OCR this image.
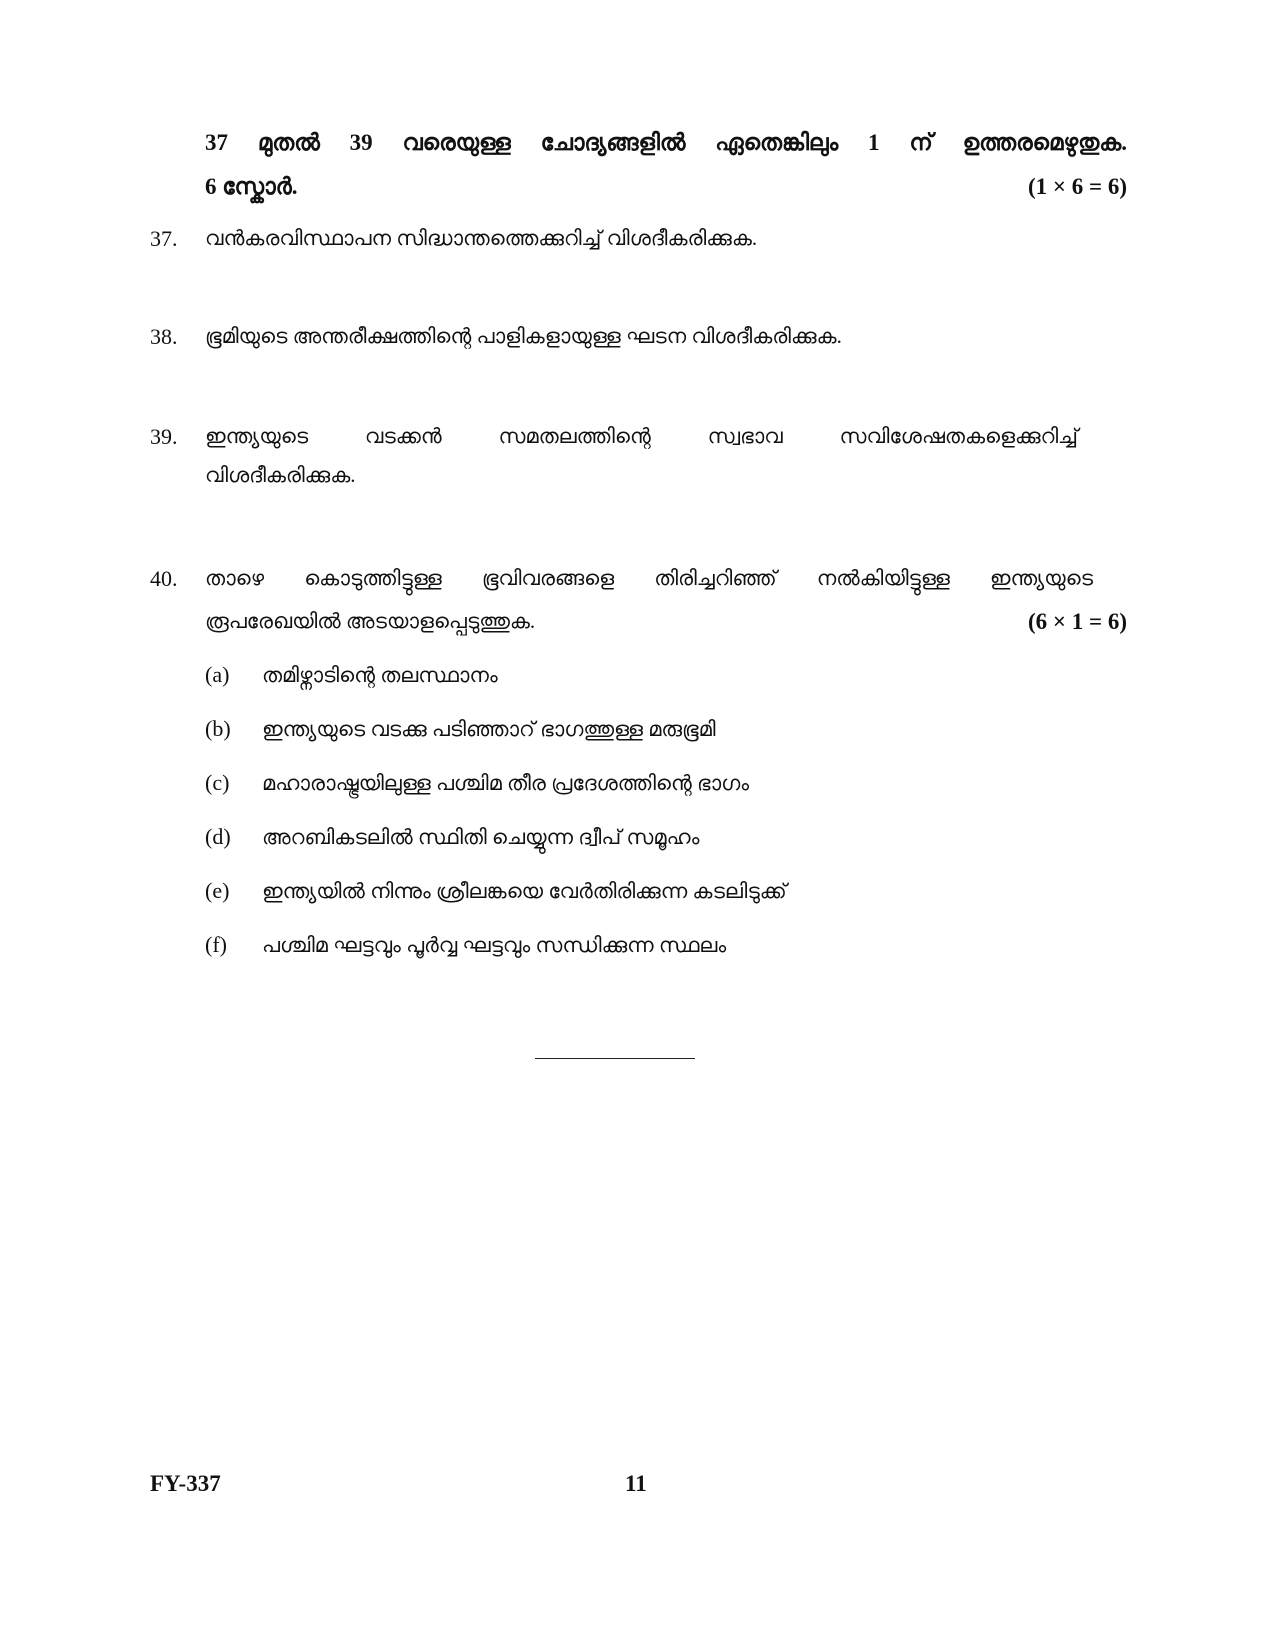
37 മുതൽ 39 വരെയുള്ള ചോദ്യങ്ങളിൽ ഏതെങ്കിലും 1 ന് ഉത്തരമെഴുതുക.
6 സ്കോർ.	(1 × 6 = 6)
37. വൻകരവിസ്ഥാപന സിദ്ധാന്തത്തെക്കുറിച്ച് വിശദീകരിക്കുക.
38. ഭൂമിയുടെ അന്തരീക്ഷത്തിന്റെ പാളികളായുള്ള ഘടന വിശദീകരിക്കുക.
39. ഇന്ത്യയുടെ	വടക്കൻ	സമതലത്തിന്റെ	സ്വഭാവ	സവിശേഷതകളെക്കുറിച്ച്
വിശദീകരിക്കുക.
40. താഴെ കൊടുത്തിട്ടുള്ള ഭൂവിവരങ്ങളെ തിരിച്ചറിഞ്ഞ് നൽകിയിട്ടുള്ള ഇന്ത്യയുടെ
രൂപരേഖയിൽ അടയാളപ്പെടുത്തുക.	(6 × 1 = 6)
(a) തമിഴ്നാടിന്റെ തലസ്ഥാനം
(b) ഇന്ത്യയുടെ വടക്കു പടിഞ്ഞാറ് ഭാഗത്തുള്ള മരുഭൂമി
(c) മഹാരാഷ്ട്രയിലുള്ള പശ്ചിമ തീര പ്രദേശത്തിന്റെ ഭാഗം
(d) അറബികടലിൽ സ്ഥിതി ചെയ്യുന്ന ദ്വീപ് സമൂഹം
(e) ഇന്ത്യയിൽ നിന്നും ശ്രീലങ്കയെ വേർതിരിക്കുന്ന കടലിടുക്ക്
(f) പശ്ചിമ ഘട്ടവും പൂർവ്വ ഘട്ടവും സന്ധിക്കുന്ന സ്ഥലം
FY-337	11
